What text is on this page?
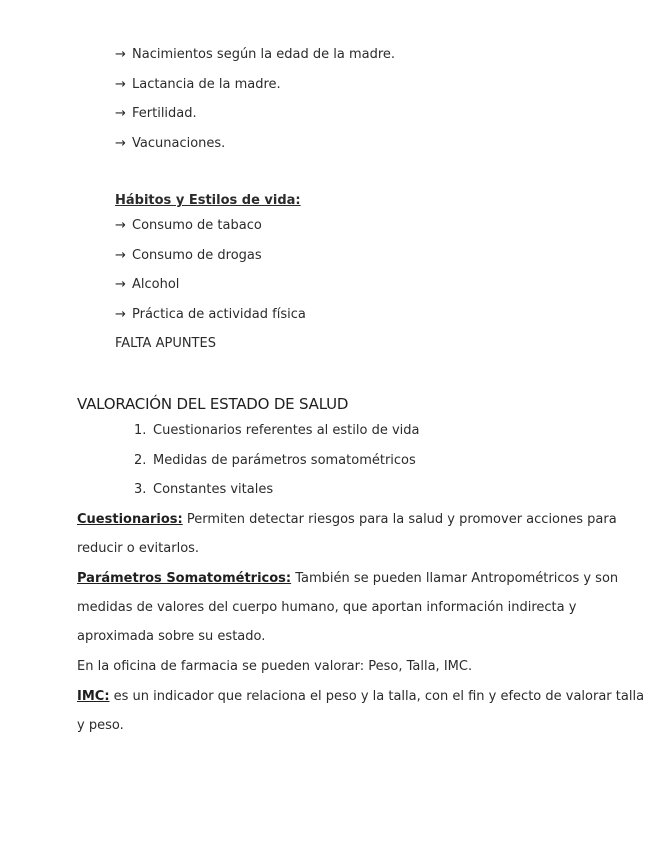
→ Nacimientos según la edad de la madre.
→ Lactancia de la madre.
→ Fertilidad.
→ Vacunaciones.
Hábitos y Estilos de vida:
→ Consumo de tabaco
→ Consumo de drogas
→ Alcohol
→ Práctica de actividad física
FALTA APUNTES
VALORACIÓN DEL ESTADO DE SALUD
1. Cuestionarios referentes al estilo de vida
2. Medidas de parámetros somatométricos
3. Constantes vitales
Cuestionarios: Permiten detectar riesgos para la salud y promover acciones para
reducir o evitarlos.
Parámetros Somatométricos: También se pueden llamar Antropométricos y son
medidas de valores del cuerpo humano, que aportan información indirecta y
aproximada sobre su estado.
En la oficina de farmacia se pueden valorar: Peso, Talla, IMC.
IMC: es un indicador que relaciona el peso y la talla, con el fin y efecto de valorar talla
y peso.
